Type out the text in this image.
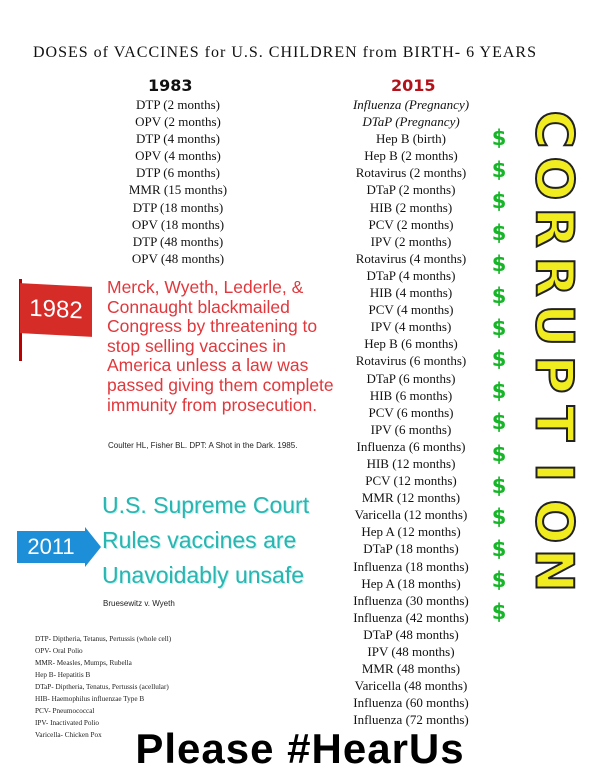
DOSES of VACCINES for U.S. CHILDREN from BIRTH- 6 YEARS
1983	2015
DTP (2 months)
OPV (2 months)
DTP (4 months)
OPV (4 months)
DTP (6 months)
MMR (15 months)
DTP (18 months)
OPV (18 months)
DTP (48 months)
OPV (48 months)
Influenza (Pregnancy)
DTaP (Pregnancy)
Hep B (birth)
Hep B (2 months)
Rotavirus (2 months)
DTaP (2 months)
HIB (2 months)
PCV (2 months)
IPV (2 months)
Rotavirus (4 months)
DTaP (4 months)
HIB (4 months)
PCV (4 months)
IPV (4 months)
Hep B (6 months)
Rotavirus (6 months)
DTaP (6 months)
HIB (6 months)
PCV (6 months)
IPV (6 months)
Influenza (6 months)
HIB (12 months)
PCV (12 months)
MMR (12 months)
Varicella (12 months)
Hep A (12 months)
DTaP (18 months)
Influenza (18 months)
Hep A (18 months)
Influenza (30 months)
Influenza (42 months)
DTaP (48 months)
IPV (48 months)
MMR (48 months)
Varicella (48 months)
Influenza (60 months)
Influenza (72 months)
1982
Merck, Wyeth, Lederle, & Connaught blackmailed Congress by threatening to stop selling vaccines in America unless a law was passed giving them complete immunity from prosecution.
Coulter HL, Fisher BL. DPT: A Shot in the Dark. 1985.
2011
U.S. Supreme Court Rules vaccines are Unavoidably unsafe
Bruesewitz v. Wyeth
DTP- Diptheria, Tetanus, Pertussis (whole cell)
OPV- Oral Polio
MMR- Measles, Mumps, Rubella
Hep B- Hepatitis B
DTaP- Diptheria, Tenatus, Pertussis (acellular)
HIB- Haemophilus influenzae Type B
PCV- Pneumococcal
IPV- Inactivated Polio
Varicella- Chicken Pox
$
$
$
$
$
$
$
$
$
$
$
$
$
$
$
$
C
O
R
R
U
P
T
I
O
N
Please #HearUs
